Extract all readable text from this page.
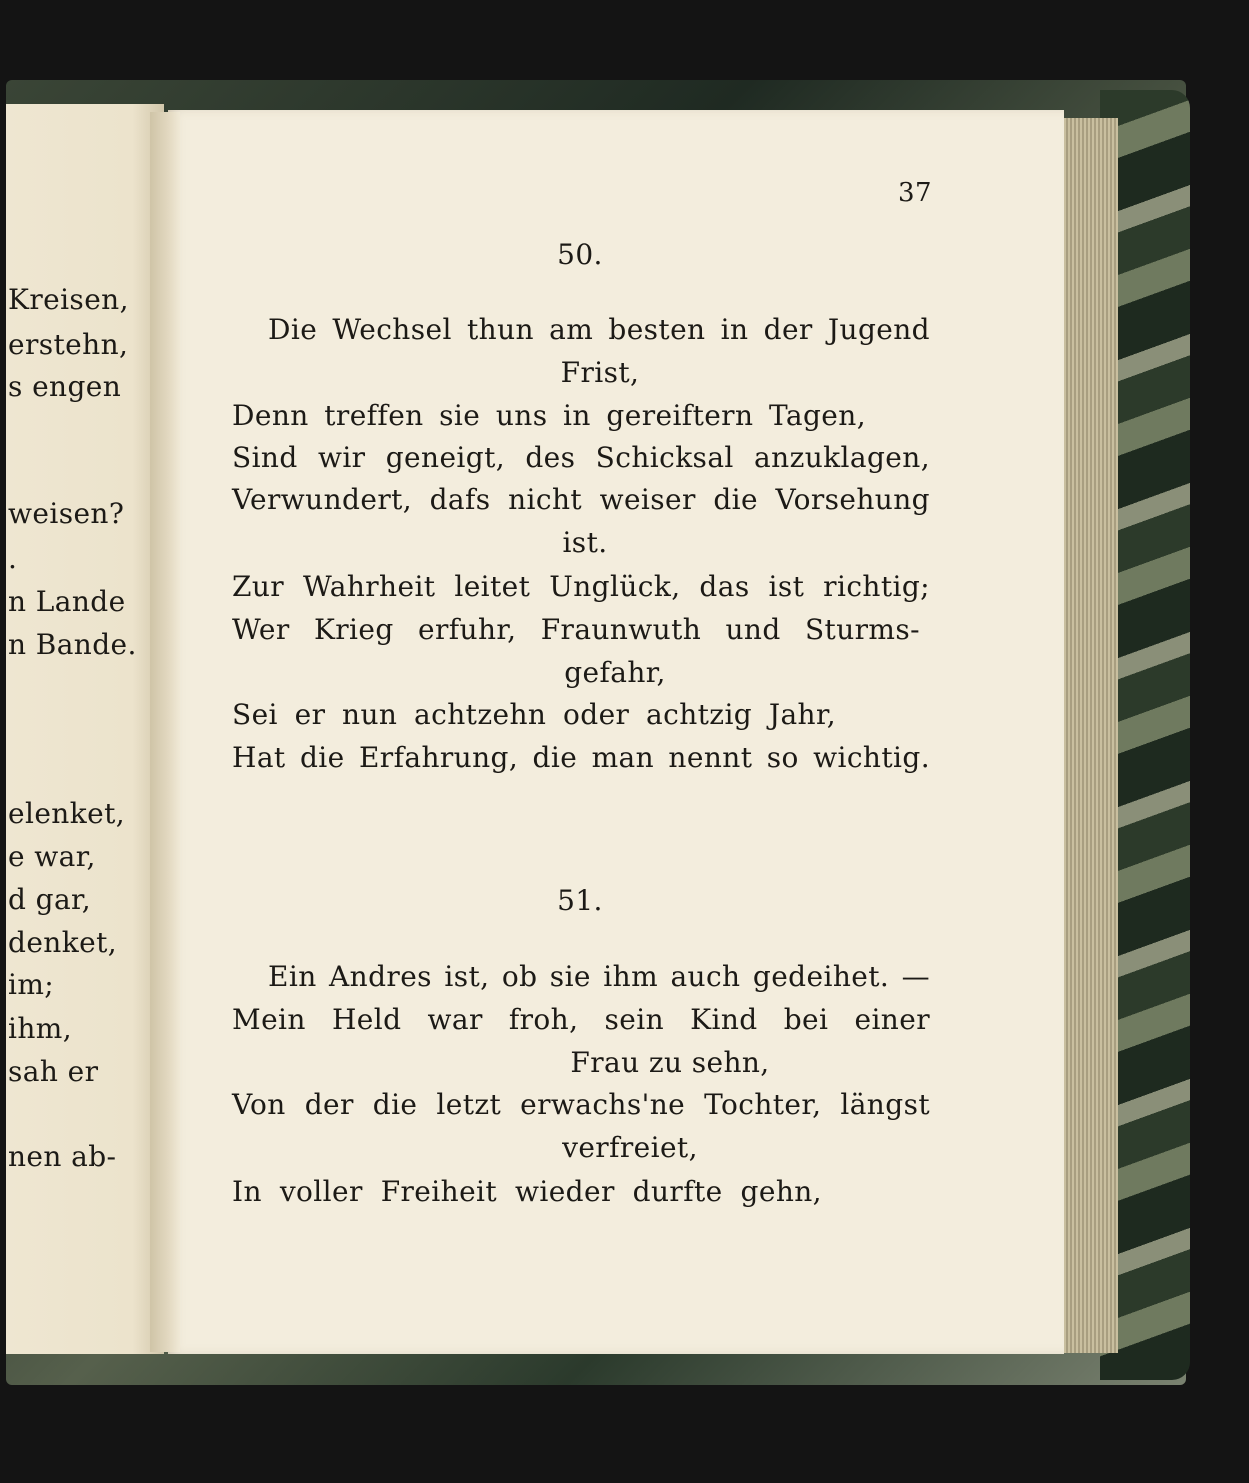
Kreisen,
erstehn,
s engen
weisen?
.
n Lande
n Bande.
elenket,
e war,
d gar,
denket,
im;
ihm,
sah er
nen ab-
37
50.
Die Wechsel thun am besten in der Jugend
Frist,
Denn treffen sie uns in gereiftern Tagen,
Sind wir geneigt, des Schicksal anzuklagen,
Verwundert, dafs nicht weiser die Vorsehung
ist.
Zur Wahrheit leitet Unglück, das ist richtig;
Wer Krieg erfuhr, Fraunwuth und Sturms-
gefahr,
Sei er nun achtzehn oder achtzig Jahr,
Hat die Erfahrung, die man nennt so wichtig.
51.
Ein Andres ist, ob sie ihm auch gedeihet. —
Mein Held war froh, sein Kind bei einer
Frau zu sehn,
Von der die letzt erwachs'ne Tochter, längst
verfreiet,
In voller Freiheit wieder durfte gehn,
